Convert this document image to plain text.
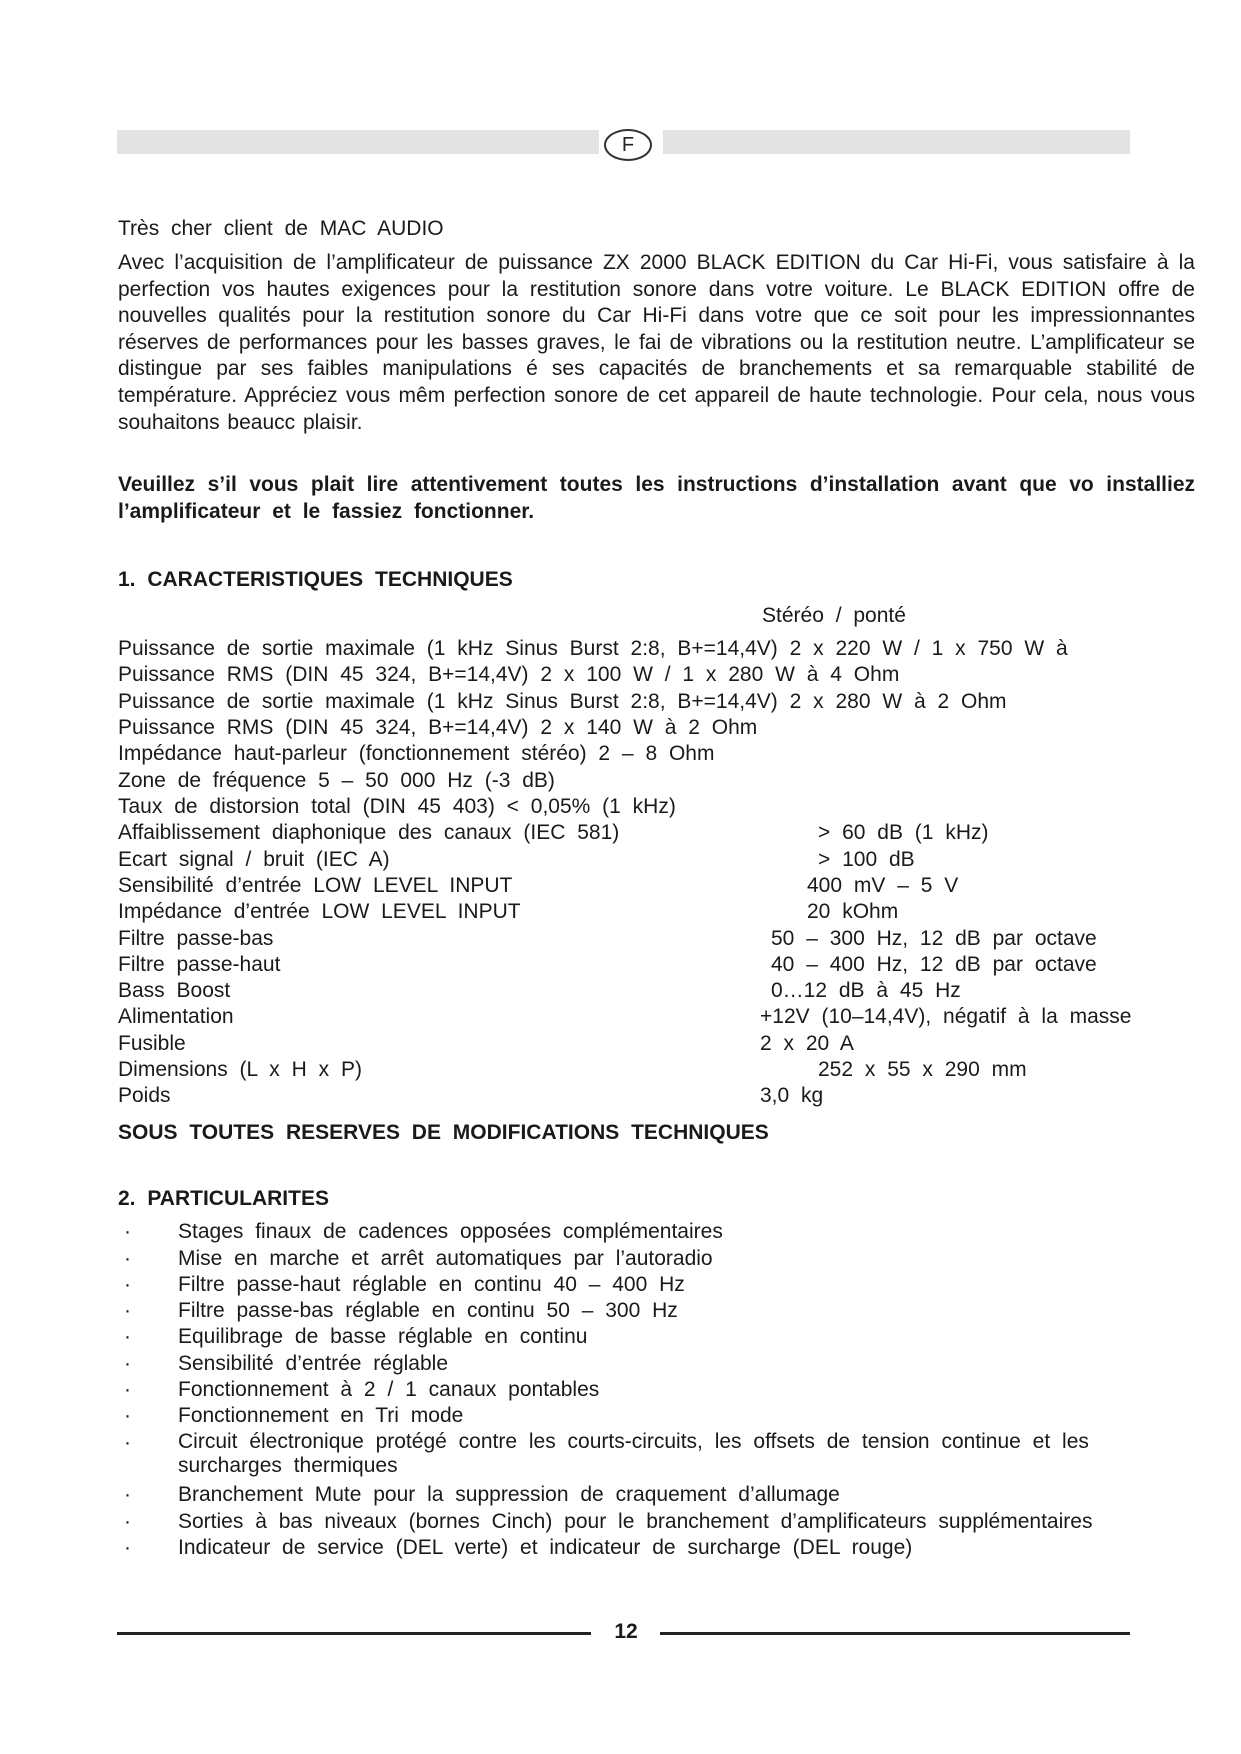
F
Très cher client de MAC AUDIO
Avec l’acquisition de l’amplificateur de puissance ZX 2000 BLACK EDITION du Car Hi-Fi, vous satisfaire à la perfection vos hautes exigences pour la restitution sonore dans votre voiture. Le BLACK EDITION offre de nouvelles qualités pour la restitution sonore du Car Hi-Fi dans votre que ce soit pour les impressionnantes réserves de performances pour les basses graves, le fai de vibrations ou la restitution neutre. L’amplificateur se distingue par ses faibles manipulations é ses capacités de branchements et sa remarquable stabilité de température. Appréciez vous mêm perfection sonore de cet appareil de haute technologie. Pour cela, nous vous souhaitons beaucc plaisir.
Veuillez s’il vous plait lire attentivement toutes les instructions d’installation avant que vo installiez l’amplificateur et le fassiez fonctionner.
1. CARACTERISTIQUES TECHNIQUES
Stéréo / ponté
Puissance de sortie maximale (1 kHz Sinus Burst 2:8, B+=14,4V) 2 x 220 W / 1 x 750 W à
Puissance RMS (DIN 45 324, B+=14,4V) 2 x 100 W / 1 x 280 W à 4 Ohm
Puissance de sortie maximale (1 kHz Sinus Burst 2:8, B+=14,4V) 2 x 280 W à 2 Ohm
Puissance RMS (DIN 45 324, B+=14,4V) 2 x 140 W à 2 Ohm
Impédance haut-parleur (fonctionnement stéréo) 2 – 8 Ohm
Zone de fréquence 5 – 50 000 Hz (-3 dB)
Taux de distorsion total (DIN 45 403) < 0,05% (1 kHz)
Affaiblissement diaphonique des canaux (IEC 581)	> 60 dB (1 kHz)
Ecart signal / bruit (IEC A)	> 100 dB
Sensibilité d’entrée LOW LEVEL INPUT	400 mV – 5 V
Impédance d’entrée LOW LEVEL INPUT	20 kOhm
Filtre passe-bas	50 – 300 Hz, 12 dB par octave
Filtre passe-haut	40 – 400 Hz, 12 dB par octave
Bass Boost	0…12 dB à 45 Hz
Alimentation	+12V (10–14,4V), négatif à la masse
Fusible	2 x 20 A
Dimensions (L x H x P)	252 x 55 x 290 mm
Poids	3,0 kg
SOUS TOUTES RESERVES DE MODIFICATIONS TECHNIQUES
2. PARTICULARITES
· Stages finaux de cadences opposées complémentaires
· Mise en marche et arrêt automatiques par l’autoradio
· Filtre passe-haut réglable en continu 40 – 400 Hz
· Filtre passe-bas réglable en continu 50 – 300 Hz
· Equilibrage de basse réglable en continu
· Sensibilité d’entrée réglable
· Fonctionnement à 2 / 1 canaux pontables
· Fonctionnement en Tri mode
· Circuit électronique protégé contre les courts-circuits, les offsets de tension continue et les surcharges thermiques
· Branchement Mute pour la suppression de craquement d’allumage
· Sorties à bas niveaux (bornes Cinch) pour le branchement d’amplificateurs supplémentaires
· Indicateur de service (DEL verte) et indicateur de surcharge (DEL rouge)
12
